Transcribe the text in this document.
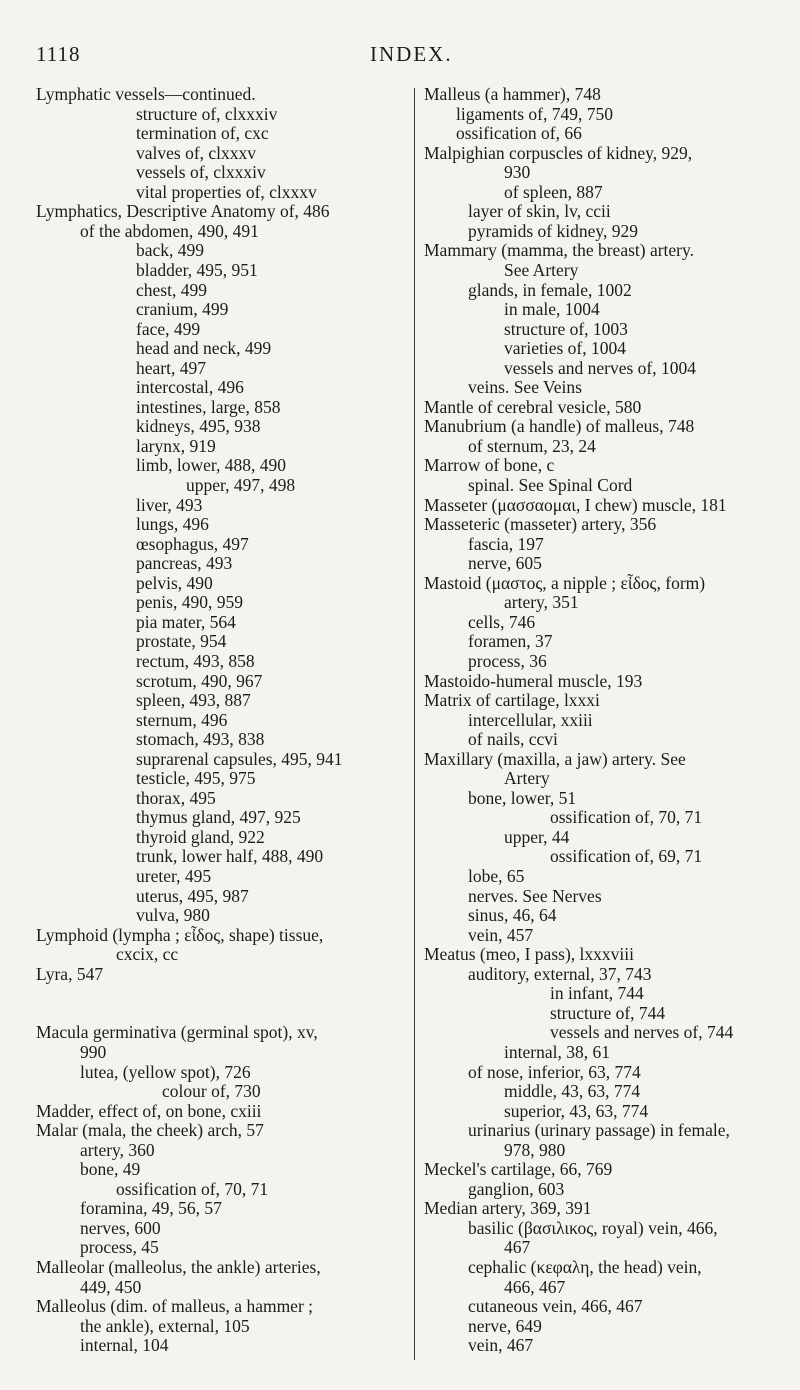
1118	INDEX.
Lymphatic vessels—continued.
structure of, clxxxiv
termination of, cxc
valves of, clxxxv
vessels of, clxxxiv
vital properties of, clxxxv
Lymphatics, Descriptive Anatomy of, 486
of the abdomen, 490, 491
back, 499
bladder, 495, 951
chest, 499
cranium, 499
face, 499
head and neck, 499
heart, 497
intercostal, 496
intestines, large, 858
kidneys, 495, 938
larynx, 919
limb, lower, 488, 490
upper, 497, 498
liver, 493
lungs, 496
œsophagus, 497
pancreas, 493
pelvis, 490
penis, 490, 959
pia mater, 564
prostate, 954
rectum, 493, 858
scrotum, 490, 967
spleen, 493, 887
sternum, 496
stomach, 493, 838
suprarenal capsules, 495, 941
testicle, 495, 975
thorax, 495
thymus gland, 497, 925
thyroid gland, 922
trunk, lower half, 488, 490
ureter, 495
uterus, 495, 987
vulva, 980
Lymphoid (lympha ; εἶδος, shape) tissue,
cxcix, cc
Lyra, 547
Macula germinativa (germinal spot), xv,
990
lutea, (yellow spot), 726
colour of, 730
Madder, effect of, on bone, cxiii
Malar (mala, the cheek) arch, 57
artery, 360
bone, 49
ossification of, 70, 71
foramina, 49, 56, 57
nerves, 600
process, 45
Malleolar (malleolus, the ankle) arteries,
449, 450
Malleolus (dim. of malleus, a hammer ;
the ankle), external, 105
internal, 104
Malleus (a hammer), 748
ligaments of, 749, 750
ossification of, 66
Malpighian corpuscles of kidney, 929,
930
of spleen, 887
layer of skin, lv, ccii
pyramids of kidney, 929
Mammary (mamma, the breast) artery.
See Artery
glands, in female, 1002
in male, 1004
structure of, 1003
varieties of, 1004
vessels and nerves of, 1004
veins. See Veins
Mantle of cerebral vesicle, 580
Manubrium (a handle) of malleus, 748
of sternum, 23, 24
Marrow of bone, c
spinal. See Spinal Cord
Masseter (μασσαομαι, I chew) muscle, 181
Masseteric (masseter) artery, 356
fascia, 197
nerve, 605
Mastoid (μαστος, a nipple ; εἶδος, form)
artery, 351
cells, 746
foramen, 37
process, 36
Mastoido-humeral muscle, 193
Matrix of cartilage, lxxxi
intercellular, xxiii
of nails, ccvi
Maxillary (maxilla, a jaw) artery. See
Artery
bone, lower, 51
ossification of, 70, 71
upper, 44
ossification of, 69, 71
lobe, 65
nerves. See Nerves
sinus, 46, 64
vein, 457
Meatus (meo, I pass), lxxxviii
auditory, external, 37, 743
in infant, 744
structure of, 744
vessels and nerves of, 744
internal, 38, 61
of nose, inferior, 63, 774
middle, 43, 63, 774
superior, 43, 63, 774
urinarius (urinary passage) in female,
978, 980
Meckel's cartilage, 66, 769
ganglion, 603
Median artery, 369, 391
basilic (βασιλικος, royal) vein, 466,
467
cephalic (κεφαλη, the head) vein,
466, 467
cutaneous vein, 466, 467
nerve, 649
vein, 467
